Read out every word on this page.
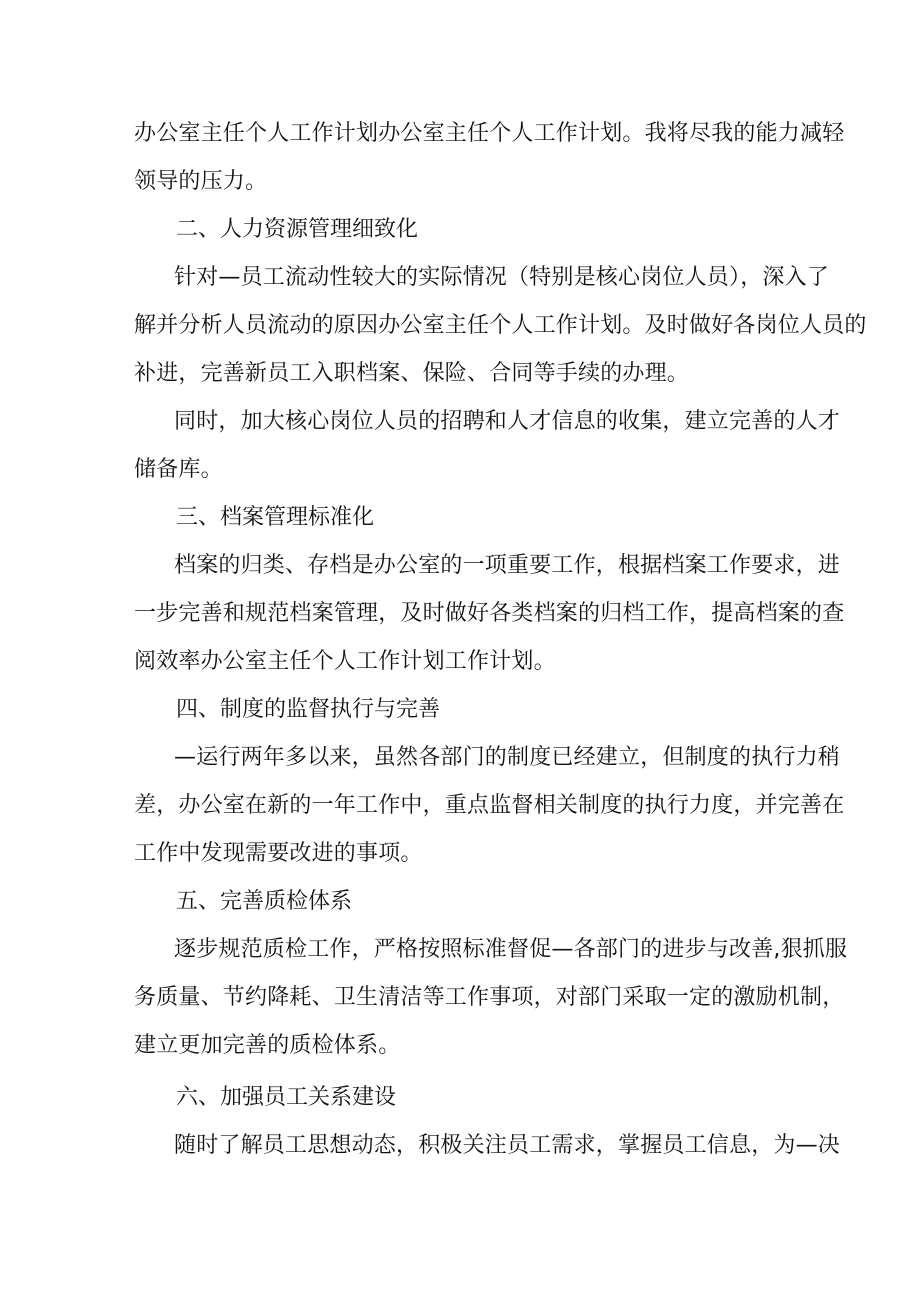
办公室主任个人工作计划办公室主任个人工作计划。我将尽我的能力减轻
领导的压力。

二、人力资源管理细致化

针对—员工流动性较大的实际情况（特别是核心岗位人员），深入了
解并分析人员流动的原因办公室主任个人工作计划。及时做好各岗位人员的
补进，完善新员工入职档案、保险、合同等手续的办理。

同时，加大核心岗位人员的招聘和人才信息的收集，建立完善的人才
储备库。

三、档案管理标准化

档案的归类、存档是办公室的一项重要工作，根据档案工作要求，进
一步完善和规范档案管理，及时做好各类档案的归档工作，提高档案的查
阅效率办公室主任个人工作计划工作计划。

四、制度的监督执行与完善

—运行两年多以来，虽然各部门的制度已经建立，但制度的执行力稍
差，办公室在新的一年工作中，重点监督相关制度的执行力度，并完善在
工作中发现需要改进的事项。

五、完善质检体系

逐步规范质检工作，严格按照标准督促—各部门的进步与改善,狠抓服
务质量、节约降耗、卫生清洁等工作事项，对部门采取一定的激励机制，
建立更加完善的质检体系。

六、加强员工关系建设

随时了解员工思想动态，积极关注员工需求，掌握员工信息，为—决
